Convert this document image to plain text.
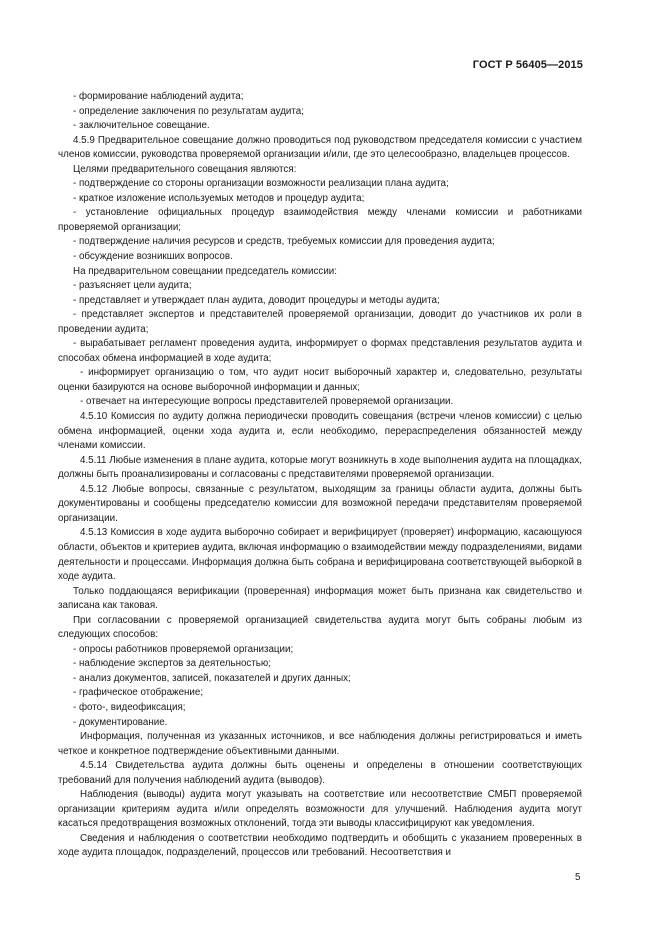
ГОСТ Р 56405—2015

- формирование наблюдений аудита;

- определение заключения по результатам аудита;

- заключительное совещание.

4.5.9 Предварительное совещание должно проводиться под руководством председателя комиссии с участием членов комиссии, руководства проверяемой организации и/или, где это целесообразно, владельцев процессов.

Целями предварительного совещания являются:

- подтверждение со стороны организации возможности реализации плана аудита;

- краткое изложение используемых методов и процедур аудита;

- установление официальных процедур взаимодействия между членами комиссии и работниками проверяемой организации;

- подтверждение наличия ресурсов и средств, требуемых комиссии для проведения аудита;

- обсуждение возникших вопросов.

На предварительном совещании председатель комиссии:

- разъясняет цели аудита;

- представляет и утверждает план аудита, доводит процедуры и методы аудита;

- представляет экспертов и представителей проверяемой организации, доводит до участников их роли в проведении аудита;

- вырабатывает регламент проведения аудита, информирует о формах представления результатов аудита и способах обмена информацией в ходе аудита;

- информирует организацию о том, что аудит носит выборочный характер и, следовательно, результаты оценки базируются на основе выборочной информации и данных;

- отвечает на интересующие вопросы представителей проверяемой организации.

4.5.10 Комиссия по аудиту должна периодически проводить совещания (встречи членов комиссии) с целью обмена информацией, оценки хода аудита и, если необходимо, перераспределения обязанностей между членами комиссии.

4.5.11 Любые изменения в плане аудита, которые могут возникнуть в ходе выполнения аудита на площадках, должны быть проанализированы и согласованы с представителями проверяемой организации.

4.5.12 Любые вопросы, связанные с результатом, выходящим за границы области аудита, должны быть документированы и сообщены председателю комиссии для возможной передачи представителям проверяемой организации.

4.5.13 Комиссия в ходе аудита выборочно собирает и верифицирует (проверяет) информацию, касающуюся области, объектов и критериев аудита, включая информацию о взаимодействии между подразделениями, видами деятельности и процессами. Информация должна быть собрана и верифицирована соответствующей выборкой в ходе аудита.

Только поддающаяся верификации (проверенная) информация может быть признана как свидетельство и записана как таковая.

При согласовании с проверяемой организацией свидетельства аудита могут быть собраны любым из следующих способов:

- опросы работников проверяемой организации;

- наблюдение экспертов за деятельностью;

- анализ документов, записей, показателей и других данных;

- графическое отображение;

- фото-, видеофиксация;

- документирование.

Информация, полученная из указанных источников, и все наблюдения должны регистрироваться и иметь четкое и конкретное подтверждение объективными данными.

4.5.14 Свидетельства аудита должны быть оценены и определены в отношении соответствующих требований для получения наблюдений аудита (выводов).

Наблюдения (выводы) аудита могут указывать на соответствие или несоответствие СМБП проверяемой организации критериям аудита и/или определять возможности для улучшений. Наблюдения аудита могут касаться предотвращения возможных отклонений, тогда эти выводы классифицируют как уведомления.

Сведения и наблюдения о соответствии необходимо подтвердить и обобщить с указанием проверенных в ходе аудита площадок, подразделений, процессов или требований. Несоответствия и

5
